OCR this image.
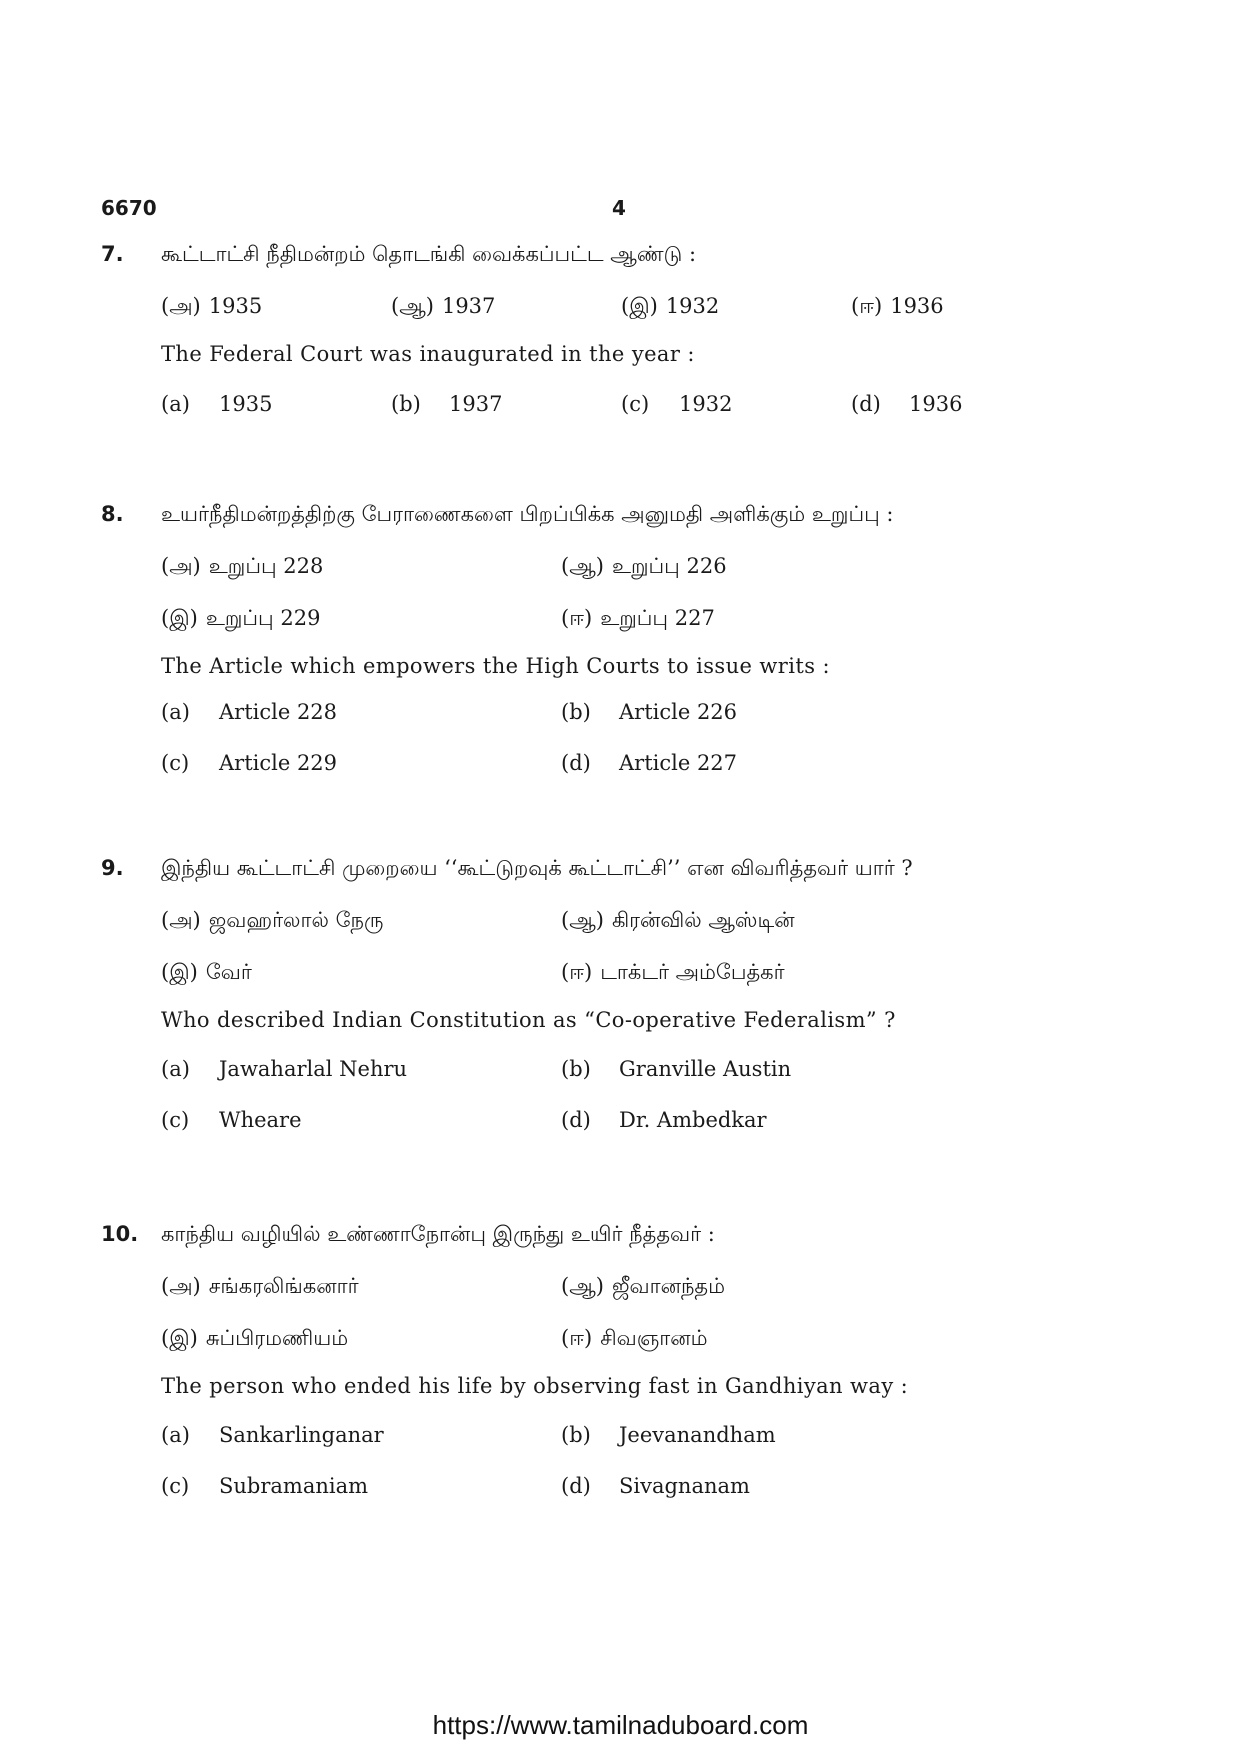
6670	4
7. கூட்டாட்சி நீதிமன்றம் தொடங்கி வைக்கப்பட்ட ஆண்டு :
(அ) 1935	(ஆ) 1937	(இ) 1932	(ஈ) 1936
The Federal Court was inaugurated in the year :
(a) 1935	(b) 1937	(c) 1932	(d) 1936
8. உயர்நீதிமன்றத்திற்கு பேராணைகளை பிறப்பிக்க அனுமதி அளிக்கும் உறுப்பு :
(அ) உறுப்பு 228	(ஆ) உறுப்பு 226
(இ) உறுப்பு 229	(ஈ) உறுப்பு 227
The Article which empowers the High Courts to issue writs :
(a) Article 228	(b) Article 226
(c) Article 229	(d) Article 227
9. இந்திய கூட்டாட்சி முறையை ‘‘கூட்டுறவுக் கூட்டாட்சி’’ என விவரித்தவர் யார் ?
(அ) ஜவஹர்லால் நேரு	(ஆ) கிரன்வில் ஆஸ்டின்
(இ) வேர்	(ஈ) டாக்டர் அம்பேத்கர்
Who described Indian Constitution as “Co-operative Federalism” ?
(a) Jawaharlal Nehru	(b) Granville Austin
(c) Wheare	(d) Dr. Ambedkar
10. காந்திய வழியில் உண்ணாநோன்பு இருந்து உயிர் நீத்தவர் :
(அ) சங்கரலிங்கனார்	(ஆ) ஜீவானந்தம்
(இ) சுப்பிரமணியம்	(ஈ) சிவஞானம்
The person who ended his life by observing fast in Gandhiyan way :
(a) Sankarlinganar	(b) Jeevanandham
(c) Subramaniam	(d) Sivagnanam
https://www.tamilnaduboard.com
